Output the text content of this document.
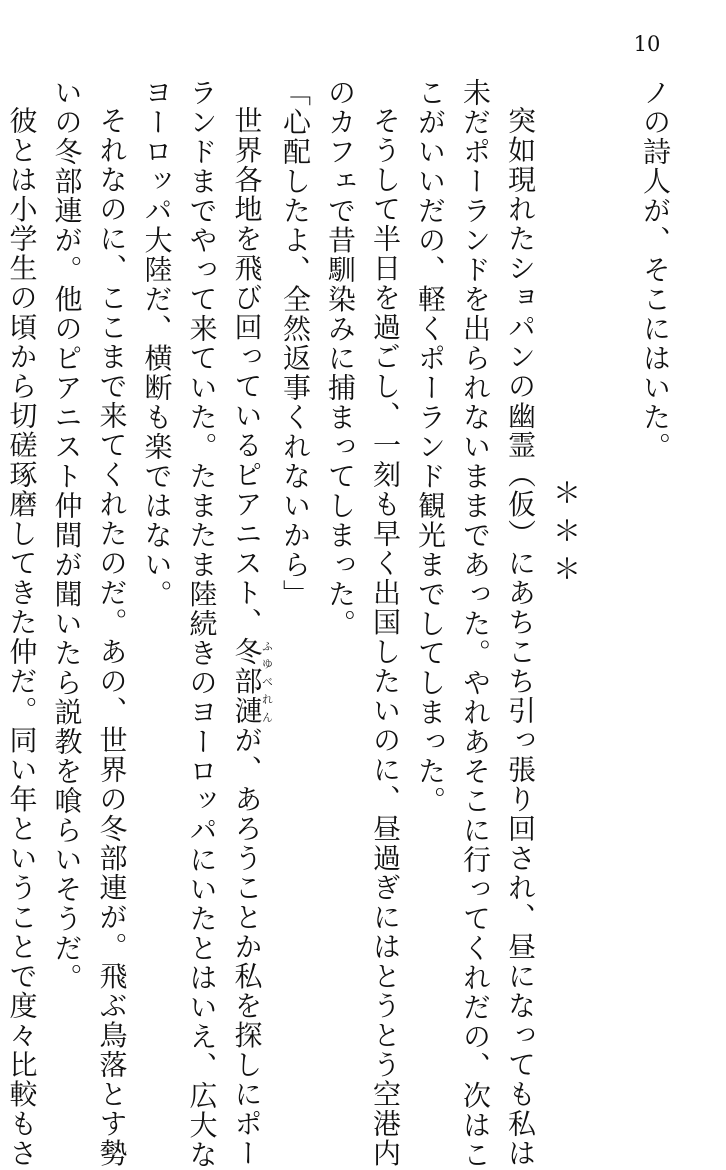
10
ノの詩人が、そこにはいた。
＊＊＊
突如現れたショパンの幽霊（仮）にあちこち引っ張り回され、昼になっても私は
未だポーランドを出られないままであった。やれあそこに行ってくれだの、次はこ
こがいいだの、軽くポーランド観光までしてしまった。
そうして半日を過ごし、一刻も早く出国したいのに、昼過ぎにはとうとう空港内
のカフェで昔馴染みに捕まってしまった。
「心配したよ、全然返事くれないから」
世界各地を飛び回っているピアニスト、冬部漣ふゆべれんが、あろうことか私を探しにポー
ランドまでやって来ていた。たまたま陸続きのヨーロッパにいたとはいえ、広大な
ヨーロッパ大陸だ、横断も楽ではない。
それなのに、ここまで来てくれたのだ。あの、世界の冬部連が。飛ぶ鳥落とす勢
いの冬部連が。他のピアニスト仲間が聞いたら説教を喰らいそうだ。
彼とは小学生の頃から切磋琢磨してきた仲だ。同い年ということで度々比較もさ
